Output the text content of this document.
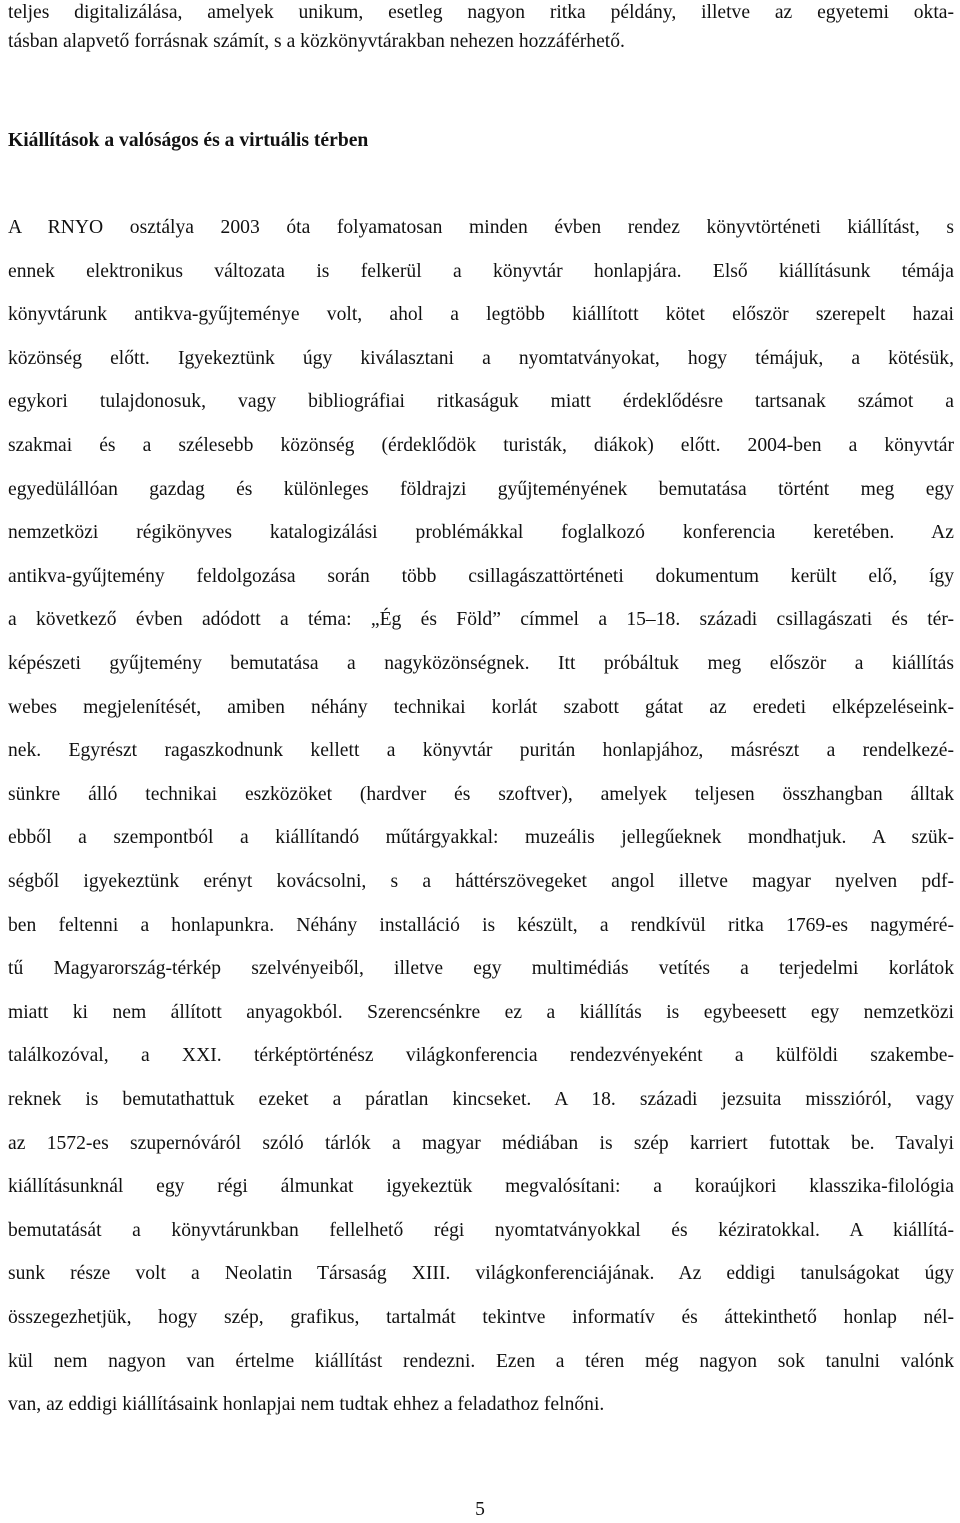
teljes digitalizálása, amelyek unikum, esetleg nagyon ritka példány, illetve az egyetemi okta-
tásban alapvető forrásnak számít, s a közkönyvtárakban nehezen hozzáférhető.
Kiállítások a valóságos és a virtuális térben
A RNYO osztálya 2003 óta folyamatosan minden évben rendez könyvtörténeti kiállítást, s
ennek elektronikus változata is felkerül a könyvtár honlapjára. Első kiállításunk témája
könyvtárunk antikva-gyűjteménye volt, ahol a legtöbb kiállított kötet először szerepelt hazai
közönség előtt. Igyekeztünk úgy kiválasztani a nyomtatványokat, hogy témájuk, a kötésük,
egykori tulajdonosuk, vagy bibliográfiai ritkaságuk miatt érdeklődésre tartsanak számot a
szakmai és a szélesebb közönség (érdeklődök turisták, diákok) előtt. 2004-ben a könyvtár
egyedülállóan gazdag és különleges földrajzi gyűjteményének bemutatása történt meg egy
nemzetközi régikönyves katalogizálási problémákkal foglalkozó konferencia keretében. Az
antikva-gyűjtemény feldolgozása során több csillagászattörténeti dokumentum került elő, így
a következő évben adódott a téma: „Ég és Föld” címmel a 15–18. századi csillagászati és tér-
képészeti gyűjtemény bemutatása a nagyközönségnek. Itt próbáltuk meg először a kiállítás
webes megjelenítését, amiben néhány technikai korlát szabott gátat az eredeti elképzeléseink-
nek. Egyrészt ragaszkodnunk kellett a könyvtár puritán honlapjához, másrészt a rendelkezé-
sünkre álló technikai eszközöket (hardver és szoftver), amelyek teljesen összhangban álltak
ebből a szempontból a kiállítandó műtárgyakkal: muzeális jellegűeknek mondhatjuk. A szük-
ségből igyekeztünk erényt kovácsolni, s a háttérszövegeket angol illetve magyar nyelven pdf-
ben feltenni a honlapunkra. Néhány installáció is készült, a rendkívül ritka 1769-es nagyméré-
tű Magyarország-térkép szelvényeiből, illetve egy multimédiás vetítés a terjedelmi korlátok
miatt ki nem állított anyagokból. Szerencsénkre ez a kiállítás is egybeesett egy nemzetközi
találkozóval, a XXI. térképtörténész világkonferencia rendezvényeként a külföldi szakembe-
reknek is bemutathattuk ezeket a páratlan kincseket. A 18. századi jezsuita misszióról, vagy
az 1572-es szupernóváról szóló tárlók a magyar médiában is szép karriert futottak be. Tavalyi
kiállításunknál egy régi álmunkat igyekeztük megvalósítani: a koraújkori klasszika-filológia
bemutatását a könyvtárunkban fellelhető régi nyomtatványokkal és kéziratokkal. A kiállítá-
sunk része volt a Neolatin Társaság XIII. világkonferenciájának. Az eddigi tanulságokat úgy
összegezhetjük, hogy szép, grafikus, tartalmát tekintve informatív és áttekinthető honlap nél-
kül nem nagyon van értelme kiállítást rendezni. Ezen a téren még nagyon sok tanulni valónk
van, az eddigi kiállításaink honlapjai nem tudtak ehhez a feladathoz felnőni.
5
